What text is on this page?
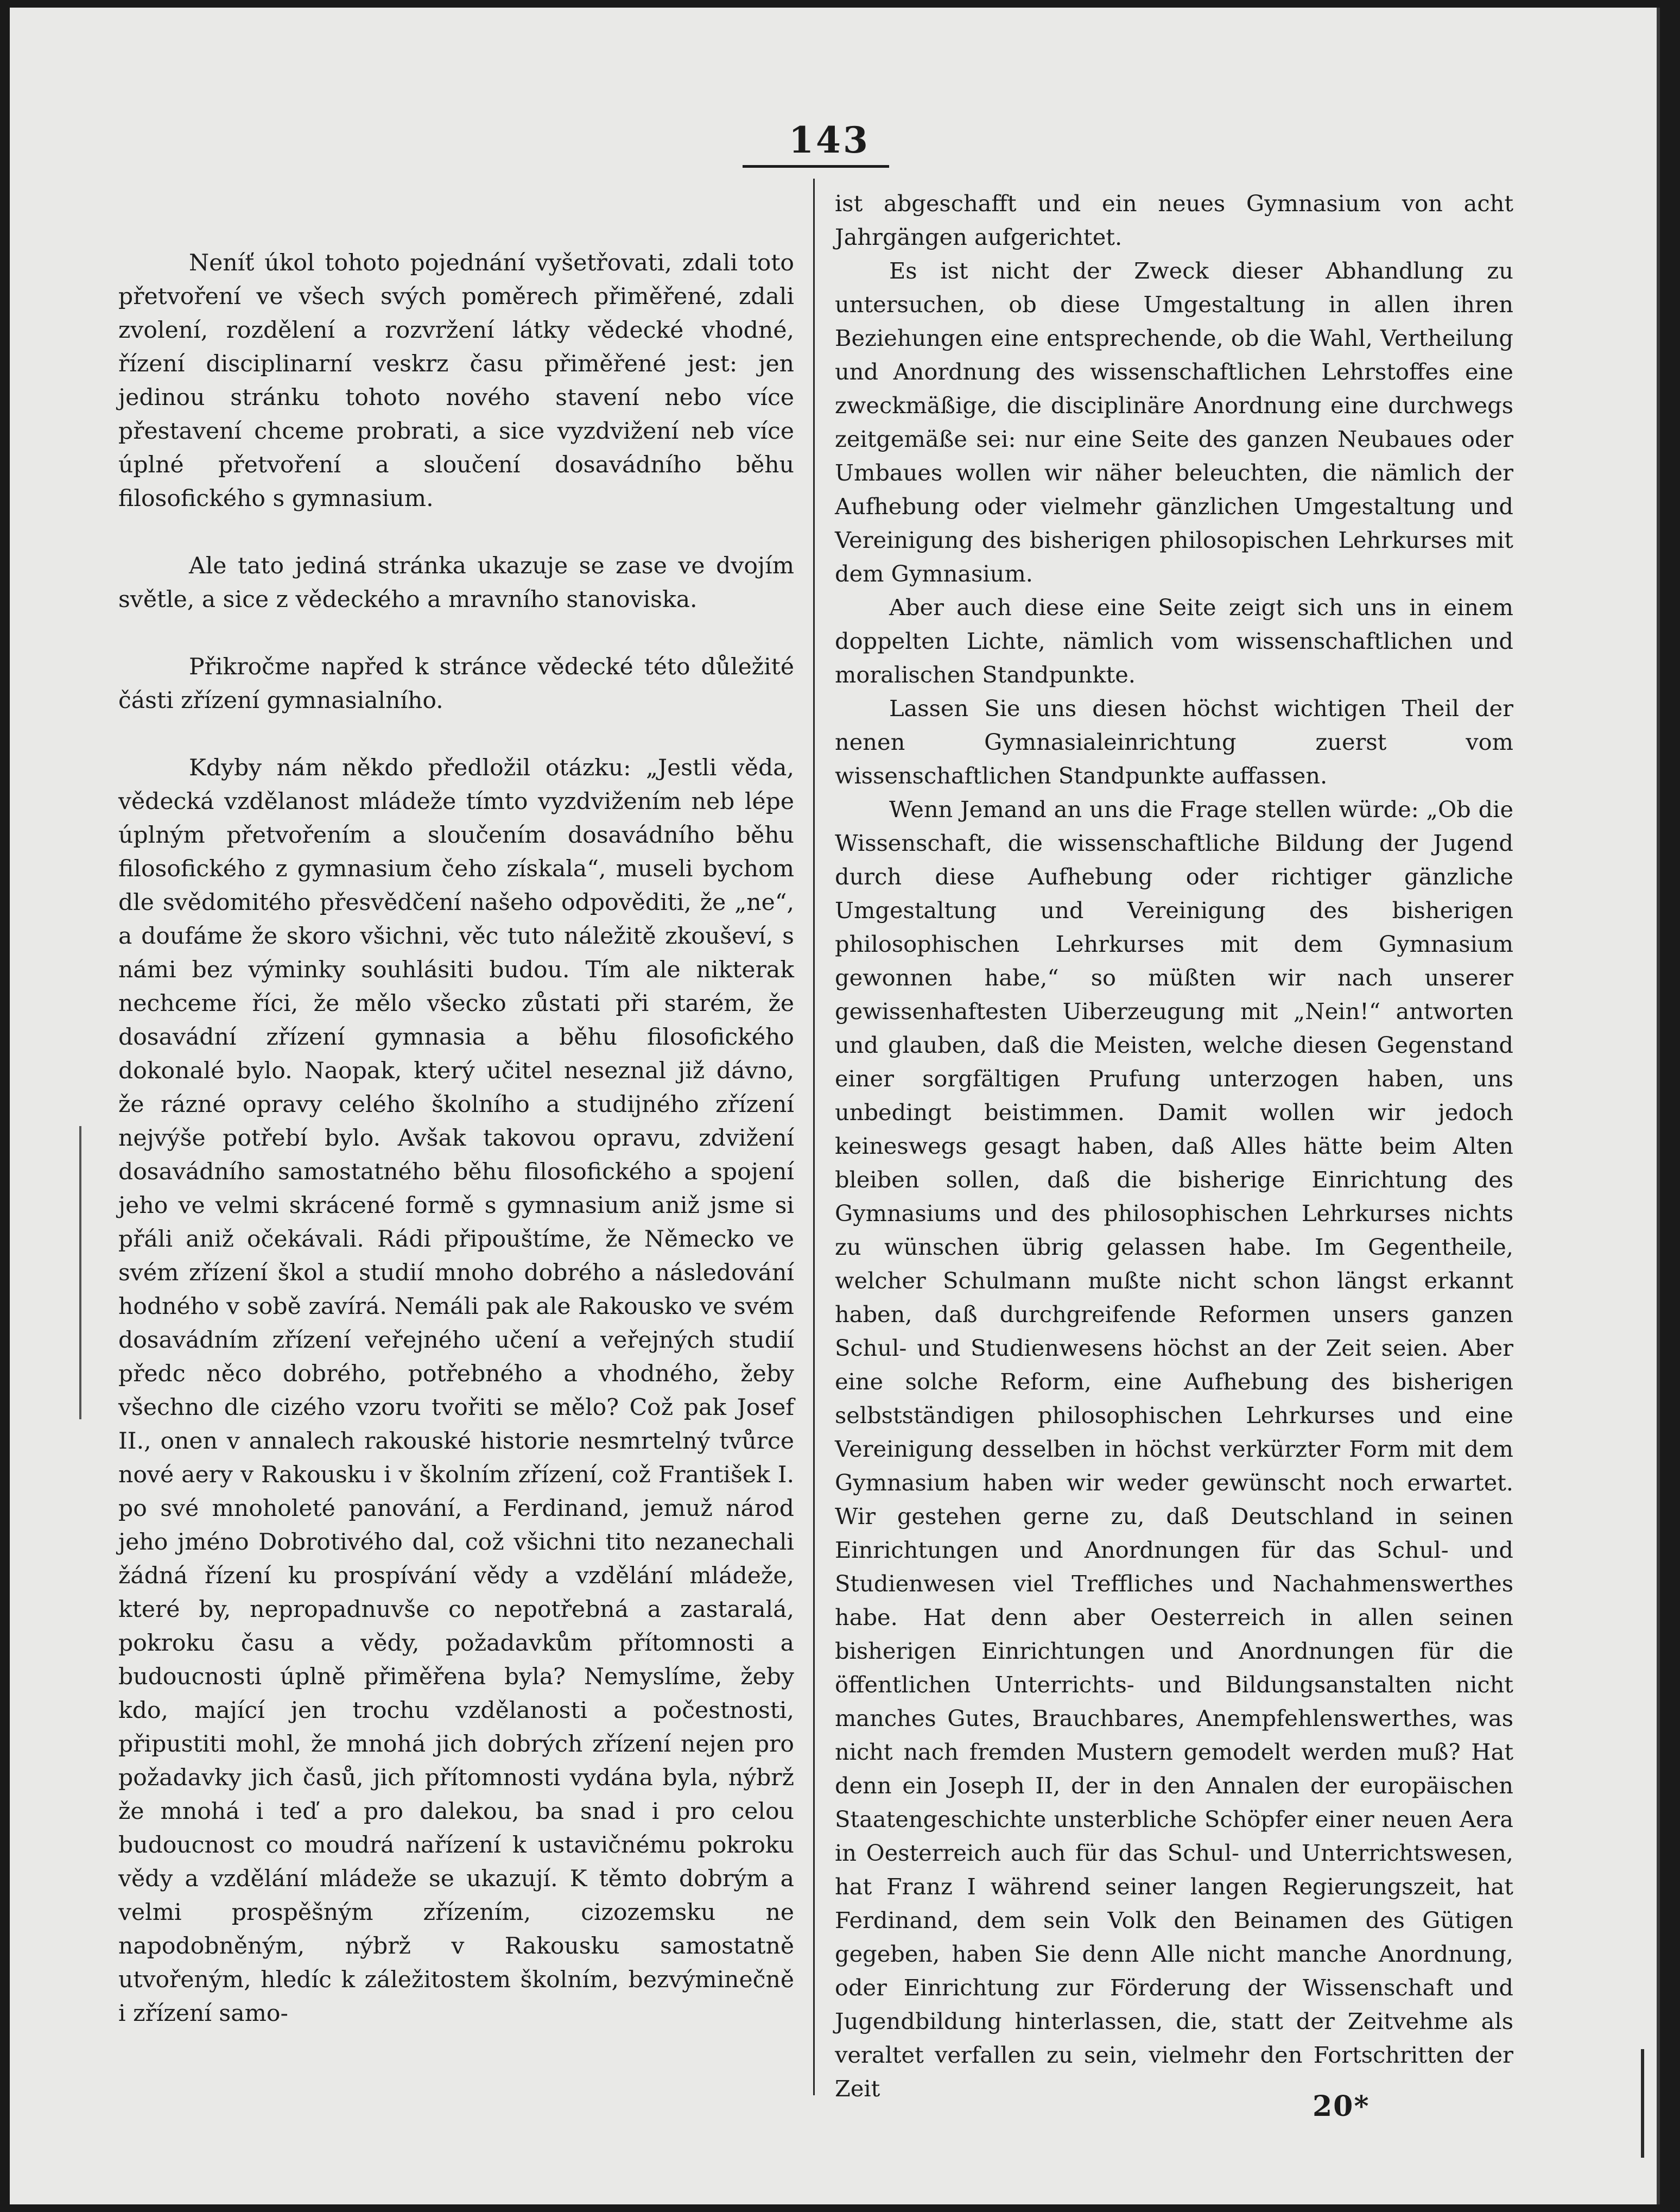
143

Neníť úkol tohoto pojednání vyšetřovati, zdali toto přetvoření ve všech svých poměrech přiměřené, zdali zvolení, rozdělení a rozvržení látky vědecké vhodné, řízení disciplinarní veskrz času přiměřené jest: jen jedinou stránku tohoto nového stavení nebo více přestavení chceme probrati, a sice vyzdvižení neb více úplné přetvoření a sloučení dosavádního běhu filosofického s gymnasium.

Ale tato jediná stránka ukazuje se zase ve dvojím světle, a sice z vědeckého a mravního stanoviska.

Přikročme napřed k stránce vědecké této důležité části zřízení gymnasialního.

Kdyby nám někdo předložil otázku: „Jestli věda, vědecká vzdělanost mládeže tímto vyzdvižením neb lépe úplným přetvořením a sloučením dosavádního běhu filosofického z gymnasium čeho získala“, museli bychom dle svědomitého přesvědčení našeho odpověditi, že „ne“, a doufáme že skoro všichni, věc tuto náležitě zkouševí, s námi bez výminky souhlásiti budou. Tím ale nikterak nechceme říci, že mělo všecko zůstati při starém, že dosavádní zřízení gymnasia a běhu filosofického dokonalé bylo. Naopak, který učitel neseznal již dávno, že rázné opravy celého školního a studijného zřízení nejvýše potřebí bylo. Avšak takovou opravu, zdvižení dosavádního samostatného běhu filosofického a spojení jeho ve velmi skrácené formě s gymnasium aniž jsme si přáli aniž očekávali. Rádi připouštíme, že Německo ve svém zřízení škol a studií mnoho dobrého a následování hodného v sobě zavírá. Nemáli pak ale Rakousko ve svém dosavádním zřízení veřejného učení a veřejných studií předc něco dobrého, potřebného a vhodného, žeby všechno dle cizého vzoru tvořiti se mělo? Což pak Josef II., onen v annalech rakouské historie nesmrtelný tvůrce nové aery v Rakousku i v školním zřízení, což František I. po své mnoholeté panování, a Ferdinand, jemuž národ jeho jméno Dobrotivého dal, což všichni tito nezanechali žádná řízení ku prospívání vědy a vzdělání mládeže, které by, nepropadnuvše co nepotřebná a zastaralá, pokroku času a vědy, požadavkům přítomnosti a budoucnosti úplně přiměřena byla? Nemyslíme, žeby kdo, mající jen trochu vzdělanosti a počestnosti, připustiti mohl, že mnohá jich dobrých zřízení nejen pro požadavky jich časů, jich přítomnosti vydána byla, nýbrž že mnohá i teď a pro dalekou, ba snad i pro celou budoucnost co moudrá nařízení k ustavičnému pokroku vědy a vzdělání mládeže se ukazují. K těmto dobrým a velmi prospěšným zřízením, cizozemsku ne napodobněným, nýbrž v Rakousku samostatně utvořeným, hledíc k záležitostem školním, bezvýminečně i zřízení samo-

ist abgeschafft und ein neues Gymnasium von acht Jahrgängen aufgerichtet.

Es ist nicht der Zweck dieser Abhandlung zu untersuchen, ob diese Umgestaltung in allen ihren Beziehungen eine entsprechende, ob die Wahl, Vertheilung und Anordnung des wissenschaftlichen Lehrstoffes eine zweckmäßige, die disciplinäre Anordnung eine durchwegs zeitgemäße sei: nur eine Seite des ganzen Neubaues oder Umbaues wollen wir näher beleuchten, die nämlich der Aufhebung oder vielmehr gänzlichen Umgestaltung und Vereinigung des bisherigen philosopischen Lehrkurses mit dem Gymnasium.

Aber auch diese eine Seite zeigt sich uns in einem doppelten Lichte, nämlich vom wissenschaftlichen und moralischen Standpunkte.

Lassen Sie uns diesen höchst wichtigen Theil der nenen Gymnasialeinrichtung zuerst vom wissenschaftlichen Standpunkte auffassen.

Wenn Jemand an uns die Frage stellen würde: „Ob die Wissenschaft, die wissenschaftliche Bildung der Jugend durch diese Aufhebung oder richtiger gänzliche Umgestaltung und Vereinigung des bisherigen philosophischen Lehrkurses mit dem Gymnasium gewonnen habe,“ so müßten wir nach unserer gewissenhaftesten Uiberzeugung mit „Nein!“ antworten und glauben, daß die Meisten, welche diesen Gegenstand einer sorgfältigen Prufung unterzogen haben, uns unbedingt beistimmen. Damit wollen wir jedoch keineswegs gesagt haben, daß Alles hätte beim Alten bleiben sollen, daß die bisherige Einrichtung des Gymnasiums und des philosophischen Lehrkurses nichts zu wünschen übrig gelassen habe. Im Gegentheile, welcher Schulmann mußte nicht schon längst erkannt haben, daß durchgreifende Reformen unsers ganzen Schul- und Studienwesens höchst an der Zeit seien. Aber eine solche Reform, eine Aufhebung des bisherigen selbstständigen philosophischen Lehrkurses und eine Vereinigung desselben in höchst verkürzter Form mit dem Gymnasium haben wir weder gewünscht noch erwartet. Wir gestehen gerne zu, daß Deutschland in seinen Einrichtungen und Anordnungen für das Schul- und Studienwesen viel Treffliches und Nachahmenswerthes habe. Hat denn aber Oesterreich in allen seinen bisherigen Einrichtungen und Anordnungen für die öffentlichen Unterrichts- und Bildungsanstalten nicht manches Gutes, Brauchbares, Anempfehlenswerthes, was nicht nach fremden Mustern gemodelt werden muß? Hat denn ein Joseph II, der in den Annalen der europäischen Staatengeschichte unsterbliche Schöpfer einer neuen Aera in Oesterreich auch für das Schul- und Unterrichtswesen, hat Franz I während seiner langen Regierungszeit, hat Ferdinand, dem sein Volk den Beinamen des Gütigen gegeben, haben Sie denn Alle nicht manche Anordnung, oder Einrichtung zur Förderung der Wissenschaft und Jugendbildung hinterlassen, die, statt der Zeitvehme als veraltet verfallen zu sein, vielmehr den Fortschritten der Zeit

20*
